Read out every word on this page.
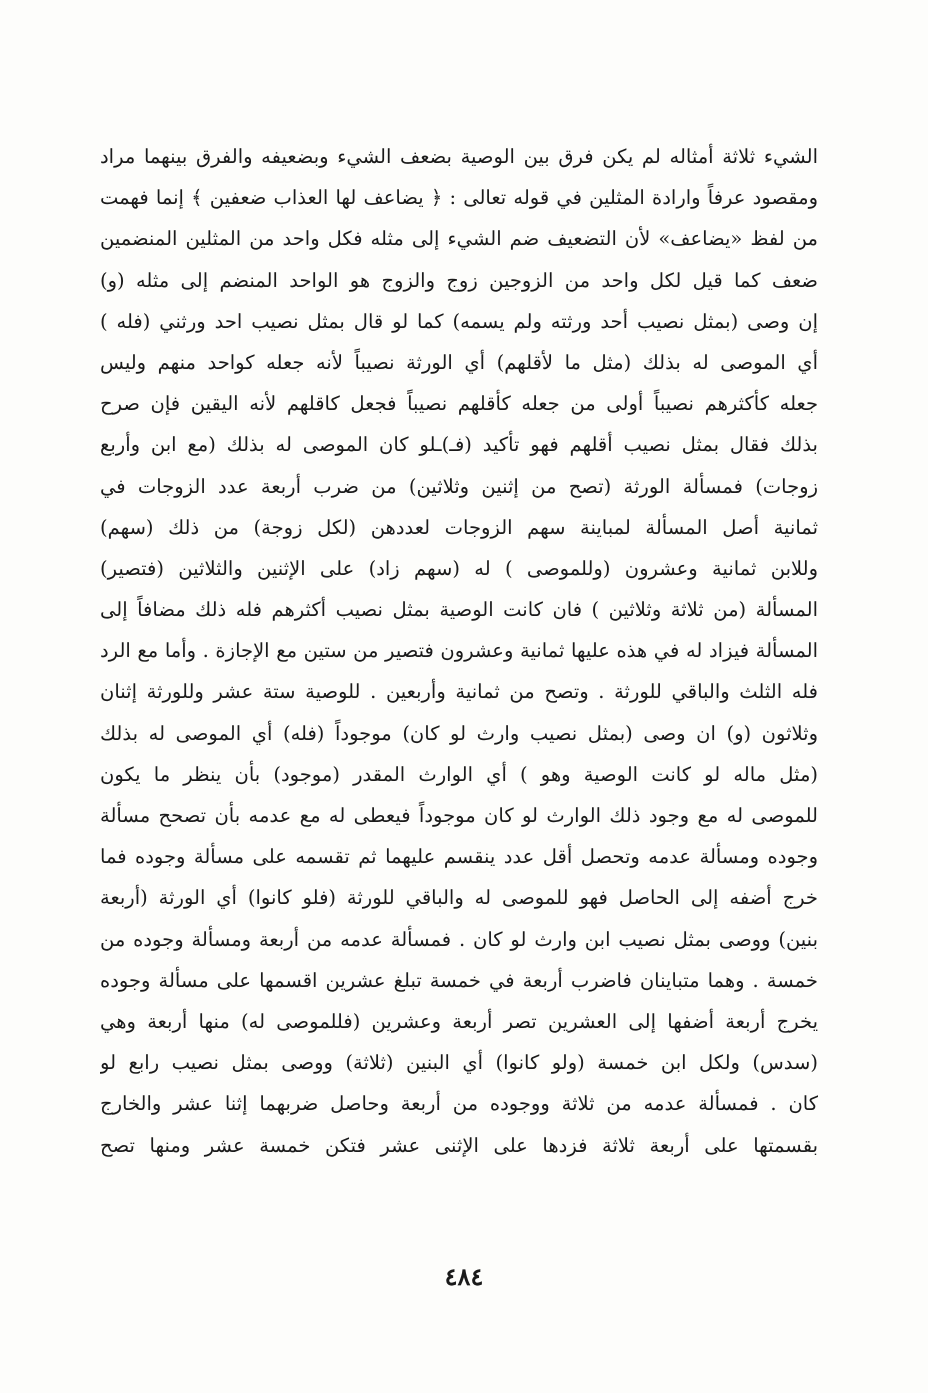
الشيء ثلاثة أمثاله لم يكن فرق بين الوصية بضعف الشيء وبضعيفه والفرق بينهما مراد
ومقصود عرفاً وارادة المثلين في قوله تعالى : ﴿ يضاعف لها العذاب ضعفين ﴾ إنما فهمت
من لفظ «يضاعف» لأن التضعيف ضم الشيء إلى مثله فكل واحد من المثلين المنضمين
ضعف كما قيل لكل واحد من الزوجين زوج والزوج هو الواحد المنضم إلى مثله (و)
إن وصى (بمثل نصيب أحد ورثته ولم يسمه) كما لو قال بمثل نصيب احد ورثني (فله )
أي الموصى له بذلك (مثل ما لأقلهم) أي الورثة نصيباً لأنه جعله كواحد منهم وليس
جعله كأكثرهم نصيباً أولى من جعله كأقلهم نصيباً فجعل كاقلهم لأنه اليقين فإن صرح
بذلك فقال بمثل نصيب أقلهم فهو تأكيد (فـ)ـلو كان الموصى له بذلك (مع ابن وأربع
زوجات) فمسألة الورثة (تصح من إثنين وثلاثين) من ضرب أربعة عدد الزوجات في
ثمانية أصل المسألة لمباينة سهم الزوجات لعددهن (لكل زوجة) من ذلك (سهم)
وللابن ثمانية وعشرون (وللموصى ) له (سهم زاد) على الإثنين والثلاثين (فتصير)
المسألة (من ثلاثة وثلاثين ) فان كانت الوصية بمثل نصيب أكثرهم فله ذلك مضافاً إلى
المسألة فيزاد له في هذه عليها ثمانية وعشرون فتصير من ستين مع الإجازة . وأما مع الرد
فله الثلث والباقي للورثة . وتصح من ثمانية وأربعين . للوصية ستة عشر وللورثة إثنان
وثلاثون (و) ان وصى (بمثل نصيب وارث لو كان) موجوداً (فله) أي الموصى له بذلك
(مثل ماله لو كانت الوصية وهو ) أي الوارث المقدر (موجود) بأن ينظر ما يكون
للموصى له مع وجود ذلك الوارث لو كان موجوداً فيعطى له مع عدمه بأن تصحح مسألة
وجوده ومسألة عدمه وتحصل أقل عدد ينقسم عليهما ثم تقسمه على مسألة وجوده فما
خرج أضفه إلى الحاصل فهو للموصى له والباقي للورثة (فلو كانوا) أي الورثة (أربعة
بنين) ووصى بمثل نصيب ابن وارث لو كان . فمسألة عدمه من أربعة ومسألة وجوده من
خمسة . وهما متباينان فاضرب أربعة في خمسة تبلغ عشرين اقسمها على مسألة وجوده
يخرج أربعة أضفها إلى العشرين تصر أربعة وعشرين (فللموصى له) منها أربعة وهي
(سدس) ولكل ابن خمسة (ولو كانوا) أي البنين (ثلاثة) ووصى بمثل نصيب رابع لو
كان . فمسألة عدمه من ثلاثة ووجوده من أربعة وحاصل ضربهما إثنا عشر والخارج
بقسمتها على أربعة ثلاثة فزدها على الإثنى عشر فتكن خمسة عشر ومنها تصح
٤٨٤
